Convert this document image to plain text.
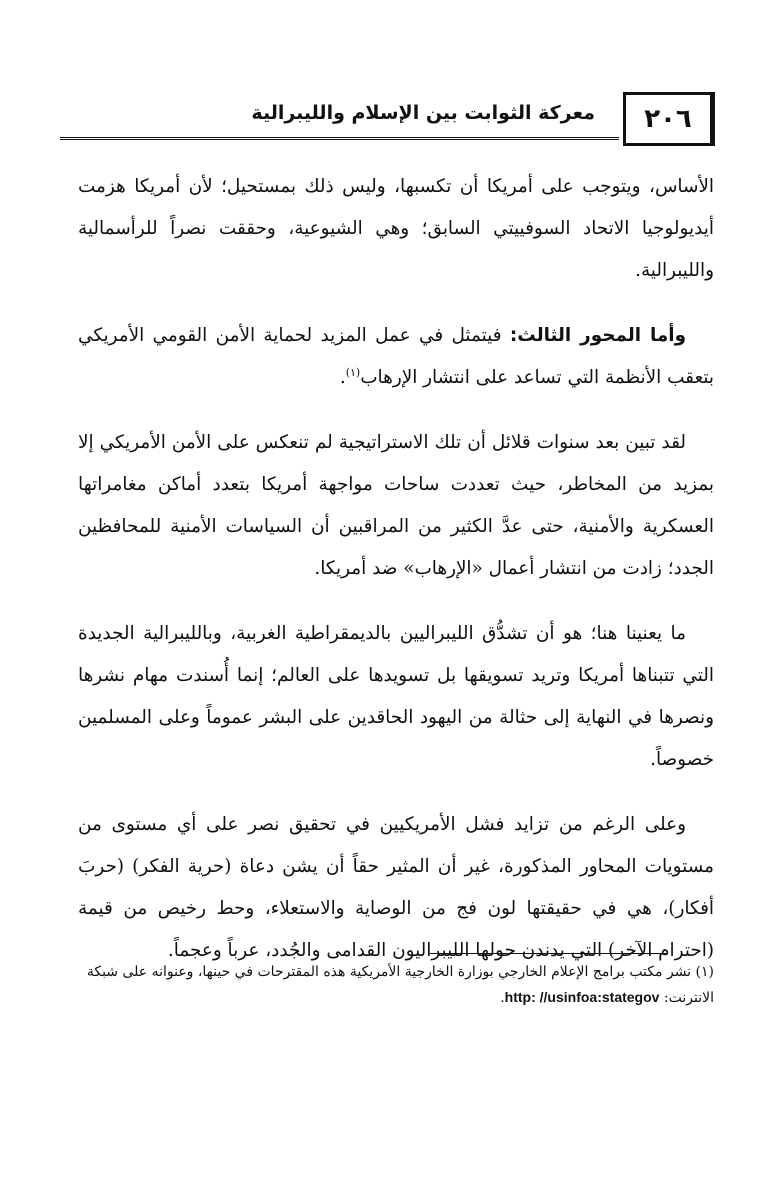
معركة الثوابت بين الإسلام والليبرالية ٢٠٦

الأساس، ويتوجب على أمريكا أن تكسبها، وليس ذلك بمستحيل؛ لأن أمريكا هزمت أيديولوجيا الاتحاد السوفييتي السابق؛ وهي الشيوعية، وحققت نصراً للرأسمالية والليبرالية.

وأما المحور الثالث: فيتمثل في عمل المزيد لحماية الأمن القومي الأمريكي بتعقب الأنظمة التي تساعد على انتشار الإرهاب$^{(١)}$.

لقد تبين بعد سنوات قلائل أن تلك الاستراتيجية لم تنعكس على الأمن الأمريكي إلا بمزيد من المخاطر، حيث تعددت ساحات مواجهة أمريكا بتعدد أماكن مغامراتها العسكرية والأمنية، حتى عدَّ الكثير من المراقبين أن السياسات الأمنية للمحافظين الجدد؛ زادت من انتشار أعمال «الإرهاب» ضد أمريكا.

ما يعنينا هنا؛ هو أن تشدُّق الليبراليين بالديمقراطية الغربية، وبالليبرالية الجديدة التي تتبناها أمريكا وتريد تسويقها بل تسويدها على العالم؛ إنما أُسندت مهام نشرها ونصرها في النهاية إلى حثالة من اليهود الحاقدين على البشر عموماً وعلى المسلمين خصوصاً.

وعلى الرغم من تزايد فشل الأمريكيين في تحقيق نصر على أي مستوى من مستويات المحاور المذكورة، غير أن المثير حقاً أن يشن دعاة (حرية الفكر) (حربَ أفكار)، هي في حقيقتها لون فج من الوصاية والاستعلاء، وحط رخيص من قيمة (احترام الآخر) التي يدندن حولها الليبراليون القدامى والجُدد، عرباً وعجماً.

(١) نشر مكتب برامج الإعلام الخارجي بوزارة الخارجية الأمريكية هذه المقترحات في حينها، وعنوانه على شبكة الانترنت: http: //usinfoa:stategov.
